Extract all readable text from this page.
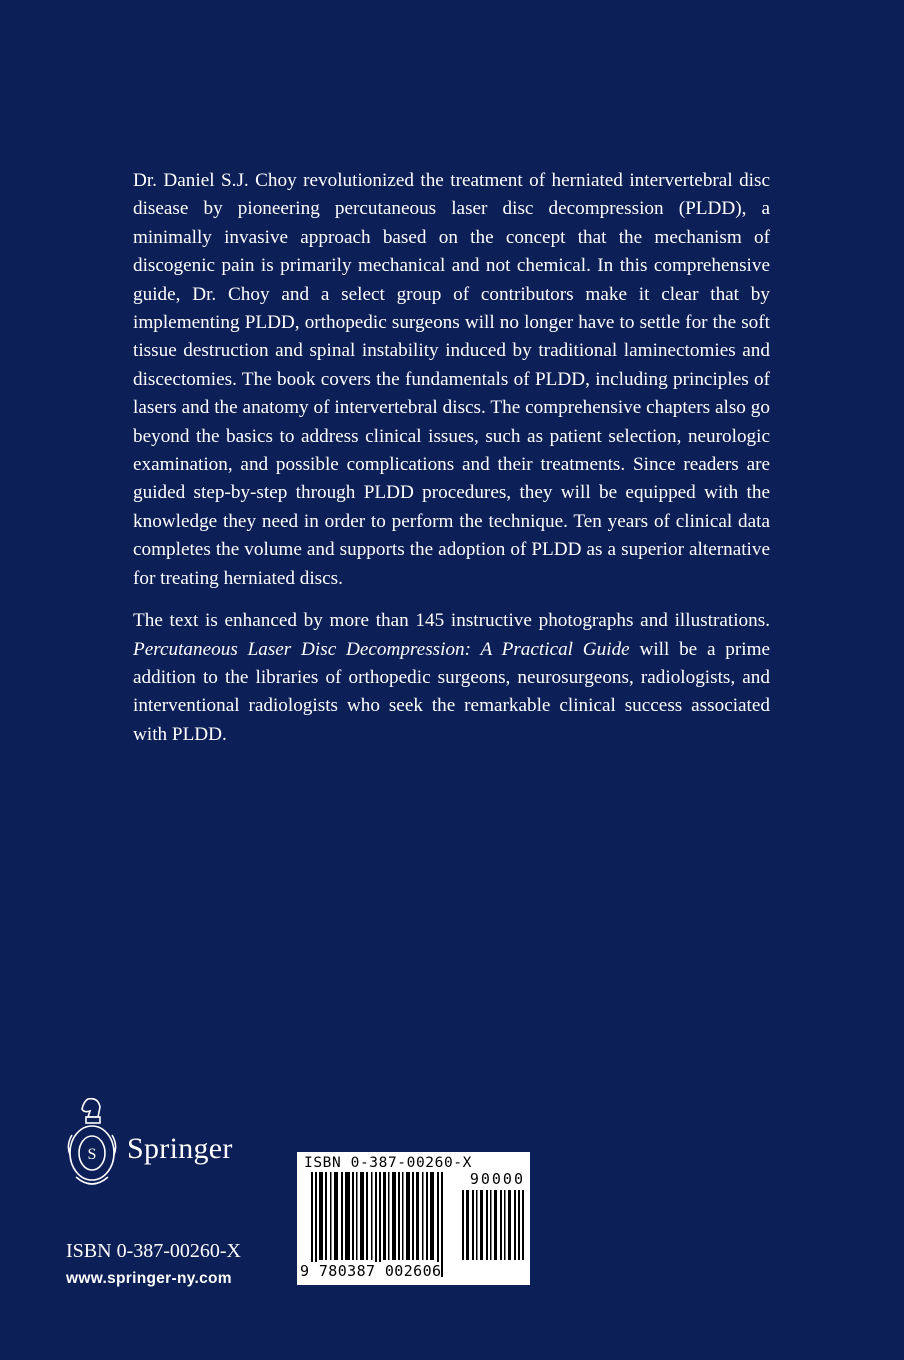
Dr. Daniel S.J. Choy revolutionized the treatment of herniated intervertebral disc disease by pioneering percutaneous laser disc decompression (PLDD), a minimally invasive approach based on the concept that the mechanism of discogenic pain is primarily mechanical and not chemical. In this comprehensive guide, Dr. Choy and a select group of contributors make it clear that by implementing PLDD, orthopedic surgeons will no longer have to settle for the soft tissue destruction and spinal instability induced by traditional laminectomies and discectomies. The book covers the fundamentals of PLDD, including principles of lasers and the anatomy of intervertebral discs. The comprehensive chapters also go beyond the basics to address clinical issues, such as patient selection, neurologic examination, and possible complications and their treatments. Since readers are guided step-by-step through PLDD procedures, they will be equipped with the knowledge they need in order to perform the technique. Ten years of clinical data completes the volume and supports the adoption of PLDD as a superior alternative for treating herniated discs.

The text is enhanced by more than 145 instructive photographs and illustrations. Percutaneous Laser Disc Decompression: A Practical Guide will be a prime addition to the libraries of orthopedic surgeons, neurosurgeons, radiologists, and interventional radiologists who seek the remarkable clinical success associated with PLDD.

S Springer
ISBN 0-387-00260-X
www.springer-ny.com
ISBN 0-387-00260-X
90000
9 780387 002606
